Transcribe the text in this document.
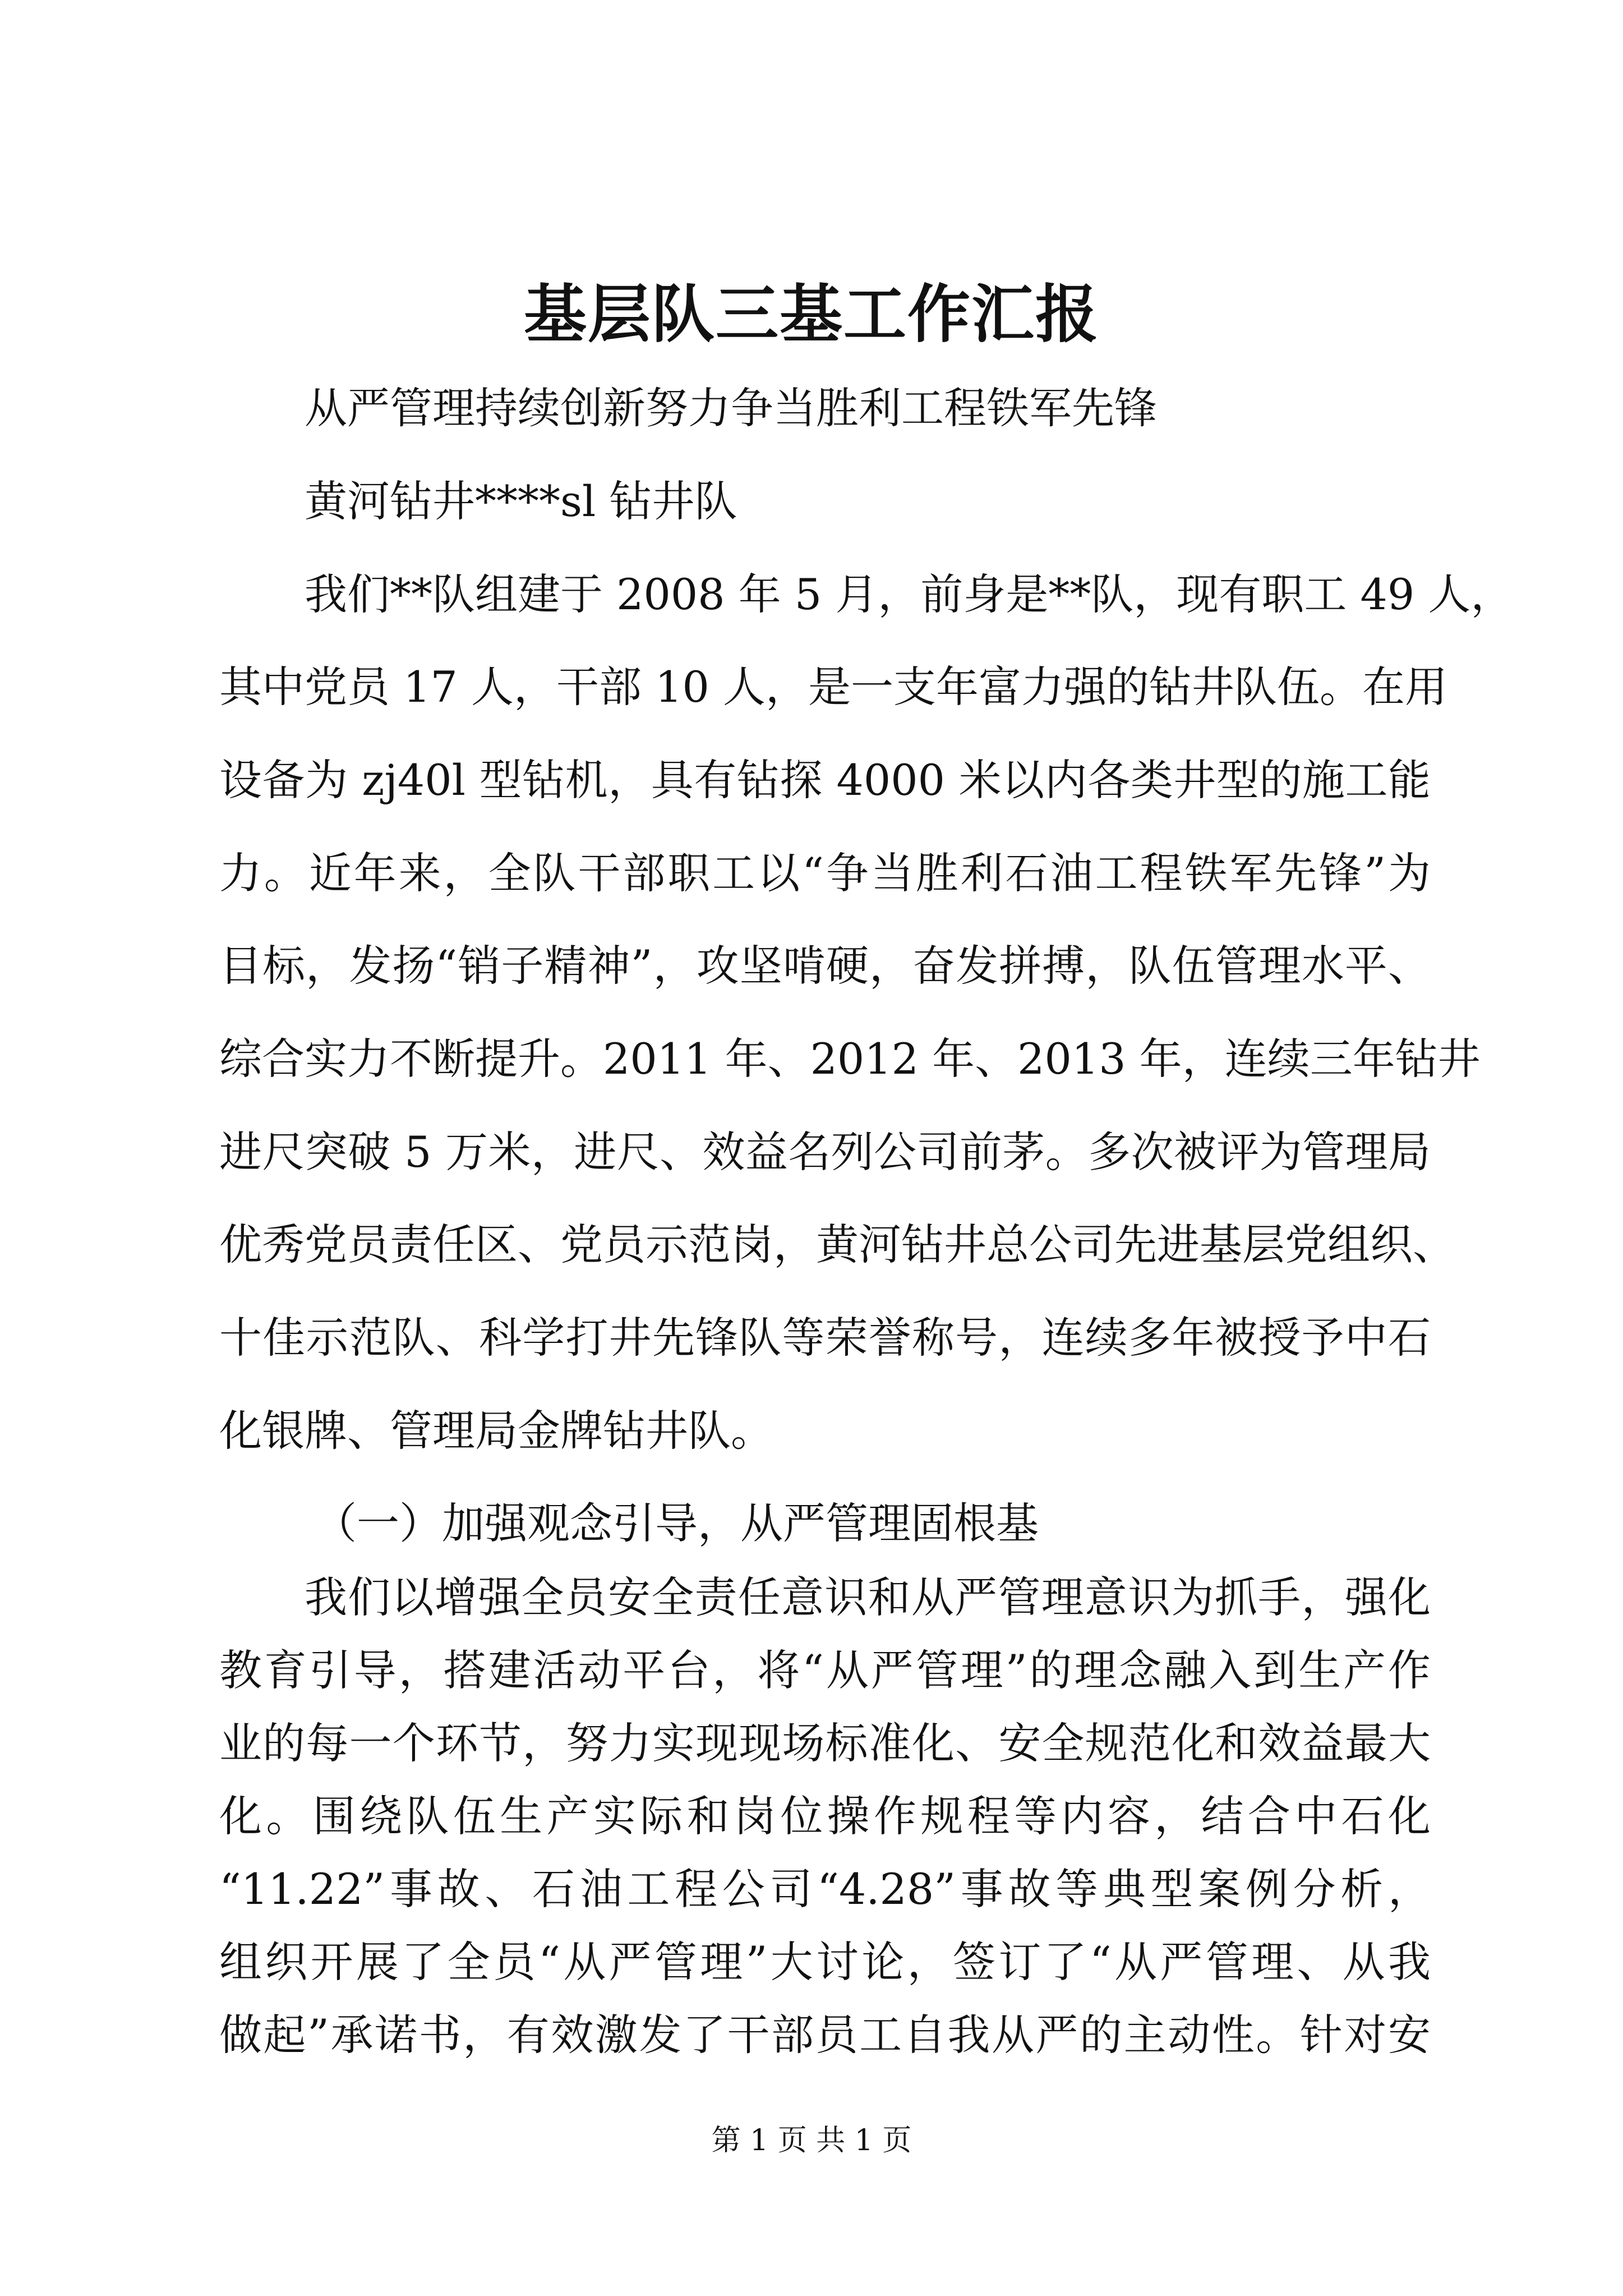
基层队三基工作汇报
从严管理持续创新努力争当胜利工程铁军先锋
黄河钻井****sl 钻井队
我们**队组建于 2008 年 5 月，前身是**队，现有职工 49 人，
其中党员 17 人，干部 10 人，是一支年富力强的钻井队伍。在用
设备为 zj40l 型钻机，具有钻探 4000 米以内各类井型的施工能
力。近年来，全队干部职工以“争当胜利石油工程铁军先锋”为
目标，发扬“销子精神”，攻坚啃硬，奋发拼搏，队伍管理水平、
综合实力不断提升。2011 年、2012 年、2013 年，连续三年钻井
进尺突破 5 万米，进尺、效益名列公司前茅。多次被评为管理局
优秀党员责任区、党员示范岗，黄河钻井总公司先进基层党组织、
十佳示范队、科学打井先锋队等荣誉称号，连续多年被授予中石
化银牌、管理局金牌钻井队。
（一）加强观念引导，从严管理固根基
我们以增强全员安全责任意识和从严管理意识为抓手，强化
教育引导，搭建活动平台，将“从严管理”的理念融入到生产作
业的每一个环节，努力实现现场标准化、安全规范化和效益最大
化。围绕队伍生产实际和岗位操作规程等内容，结合中石化
“11.22”事故、石油工程公司“4.28”事故等典型案例分析，
第 1 页 共 1 页
组织开展了全员“从严管理”大讨论，签订了“从严管理、从我
做起”承诺书，有效激发了干部员工自我从严的主动性。针对安
